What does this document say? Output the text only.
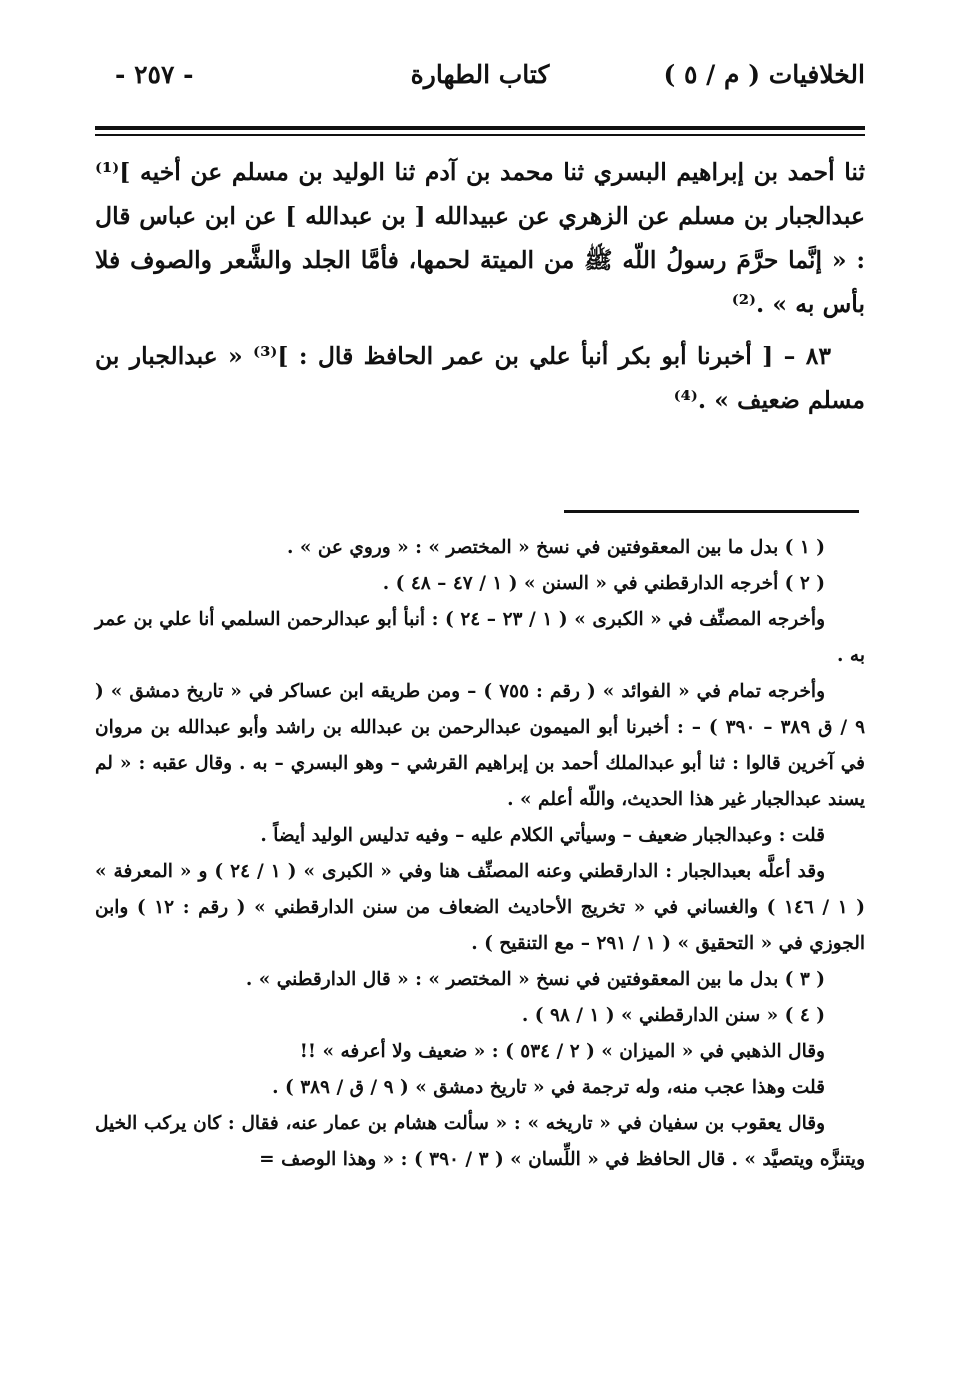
الخلافيات ( م / ٥ )
كتاب الطهارة
- ٢٥٧ -

ثنا أحمد بن إبراهيم البسري ثنا محمد بن آدم ثنا الوليد بن مسلم عن أخيه ]⁽¹⁾ عبدالجبار بن مسلم عن الزهري عن عبيدالله [ بن عبدالله ] عن ابن عباس قال : « إنَّما حرَّمَ رسولُ اللّه ﷺ من الميتة لحمها، فأمَّا الجلد والشَّعر والصوف فلا بأس به » .⁽²⁾

٨٣ – [ أخبرنا أبو بكر أنبأ علي بن عمر الحافظ قال : ]⁽³⁾ « عبدالجبار بن مسلم ضعيف » .⁽⁴⁾

( ١ ) بدل ما بين المعقوفتين في نسخ « المختصر » : « وروي عن » .

( ٢ ) أخرجه الدارقطني في « السنن » ( ١ / ٤٧ – ٤٨ ) .

وأخرجه المصنِّف في « الكبرى » ( ١ / ٢٣ – ٢٤ ) : أنبأ أبو عبدالرحمن السلمي أنا علي بن عمر به .

وأخرجه تمام في « الفوائد » ( رقم : ٧٥٥ ) – ومن طريقه ابن عساكر في « تاريخ دمشق » ( ٩ / ق ٣٨٩ – ٣٩٠ ) – : أخبرنا أبو الميمون عبدالرحمن بن عبدالله بن راشد وأبو عبدالله بن مروان في آخرين قالوا : ثنا أبو عبدالملك أحمد بن إبراهيم القرشي – وهو البسري – به . وقال عقبه : « لم يسند عبدالجبار غير هذا الحديث، واللّه أعلم » .

قلت : وعبدالجبار ضعيف – وسيأتي الكلام عليه – وفيه تدليس الوليد أيضاً .

وقد أعلَّه بعبدالجبار : الدارقطني وعنه المصنِّف هنا وفي « الكبرى » ( ١ / ٢٤ ) و « المعرفة » ( ١ / ١٤٦ ) والغساني في « تخريج الأحاديث الضعاف من سنن الدارقطني » ( رقم : ١٢ ) وابن الجوزي في « التحقيق » ( ١ / ٢٩١ – مع التنقيح ) .

( ٣ ) بدل ما بين المعقوفتين في نسخ « المختصر » : « قال الدارقطني » .

( ٤ ) « سنن الدارقطني » ( ١ / ٩٨ ) .

وقال الذهبي في « الميزان » ( ٢ / ٥٣٤ ) : « ضعيف ولا أعرفه » !!

قلت وهذا عجب منه، وله ترجمة في « تاريخ دمشق » ( ٩ / ق / ٣٨٩ ) .

وقال يعقوب بن سفيان في « تاريخه » : « سألت هشام بن عمار عنه، فقال : كان يركب الخيل ويتنزَّه ويتصيَّد » . قال الحافظ في « اللِّسان » ( ٣ / ٣٩٠ ) : « وهذا الوصف =
